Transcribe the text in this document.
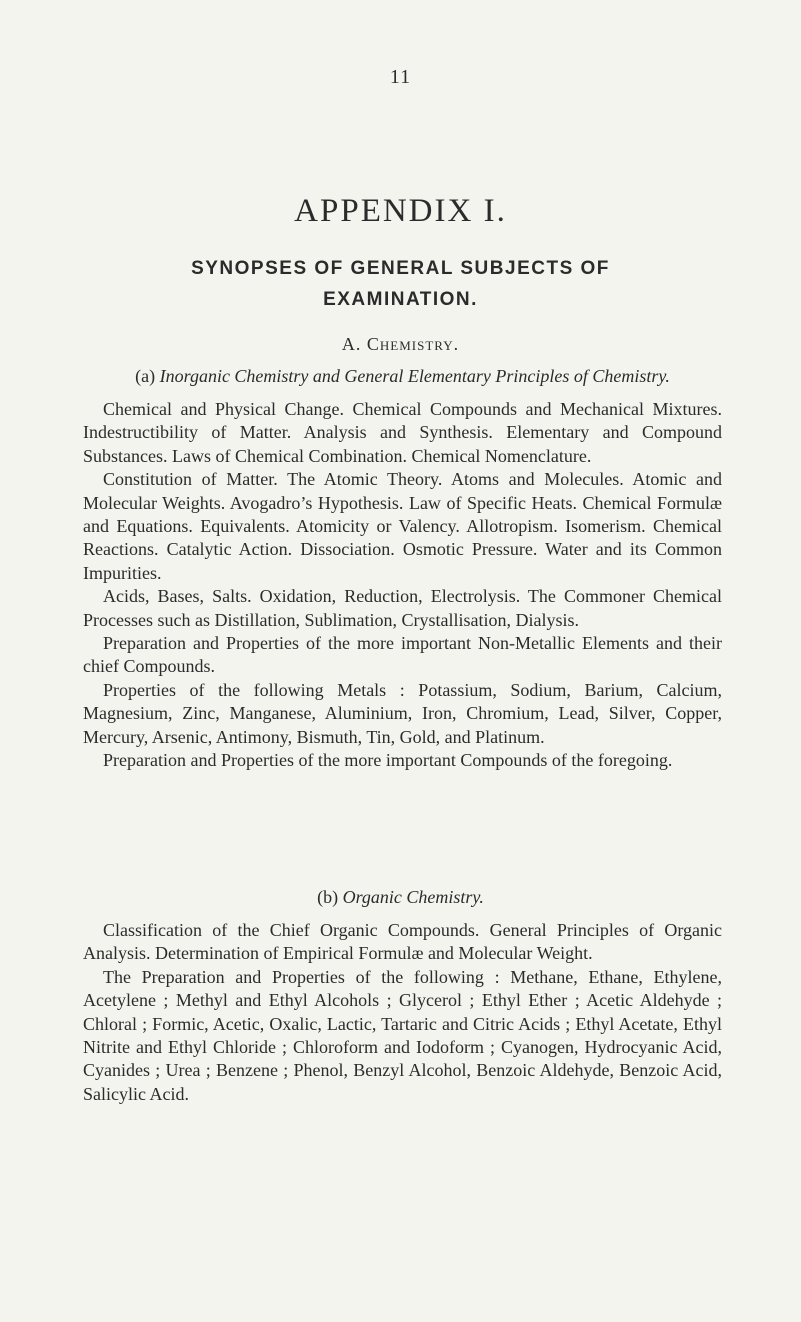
11
APPENDIX I.
SYNOPSES OF GENERAL SUBJECTS OF
EXAMINATION.
A. Chemistry.
(a) Inorganic Chemistry and General Elementary Principles of Chemistry.

Chemical and Physical Change. Chemical Compounds and Mechanical Mixtures. Indestructibility of Matter. Analysis and Synthesis. Elementary and Compound Substances. Laws of Chemical Combination. Chemical Nomenclature.

Constitution of Matter. The Atomic Theory. Atoms and Molecules. Atomic and Molecular Weights. Avogadro’s Hypothesis. Law of Specific Heats. Chemical Formulæ and Equations. Equivalents. Atomicity or Valency. Allotropism. Isomerism. Chemical Reactions. Catalytic Action. Dissociation. Osmotic Pressure. Water and its Common Impurities.

Acids, Bases, Salts. Oxidation, Reduction, Electrolysis. The Commoner Chemical Processes such as Distillation, Sublimation, Crystallisation, Dialysis.

Preparation and Properties of the more important Non-Metallic Elements and their chief Compounds.

Properties of the following Metals : Potassium, Sodium, Barium, Calcium, Magnesium, Zinc, Manganese, Aluminium, Iron, Chromium, Lead, Silver, Copper, Mercury, Arsenic, Antimony, Bismuth, Tin, Gold, and Platinum.

Preparation and Properties of the more important Compounds of the foregoing.

(b) Organic Chemistry.

Classification of the Chief Organic Compounds. General Principles of Organic Analysis. Determination of Empirical Formulæ and Molecular Weight.

The Preparation and Properties of the following : Methane, Ethane, Ethylene, Acetylene ; Methyl and Ethyl Alcohols ; Glycerol ; Ethyl Ether ; Acetic Aldehyde ; Chloral ; Formic, Acetic, Oxalic, Lactic, Tartaric and Citric Acids ; Ethyl Acetate, Ethyl Nitrite and Ethyl Chloride ; Chloroform and Iodoform ; Cyanogen, Hydrocyanic Acid, Cyanides ; Urea ; Benzene ; Phenol, Benzyl Alcohol, Benzoic Aldehyde, Benzoic Acid, Salicylic Acid.
